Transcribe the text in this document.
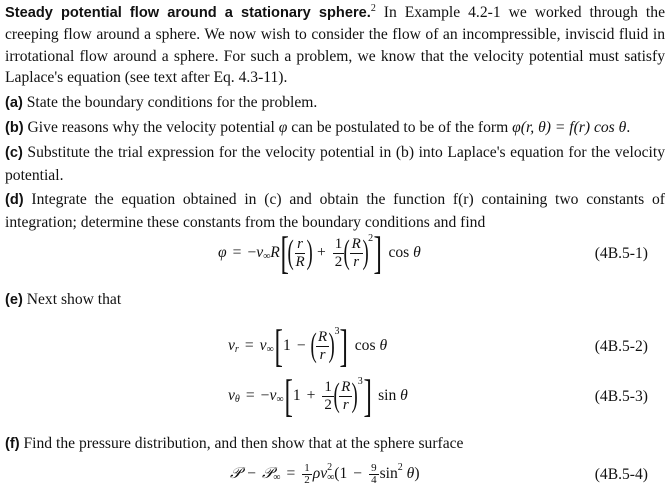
Steady potential flow around a stationary sphere.$^2$ In Example 4.2-1 we worked through the creeping flow around a sphere. We now wish to consider the flow of an incompressible, inviscid fluid in irrotational flow around a sphere. For such a problem, we know that the velocity potential must satisfy Laplace's equation (see text after Eq. 4.3-11).
(a) State the boundary conditions for the problem.
(b) Give reasons why the velocity potential φ can be postulated to be of the form φ(r, θ) = f(r) cos θ.
(c) Substitute the trial expression for the velocity potential in (b) into Laplace's equation for the velocity potential.
(d) Integrate the equation obtained in (c) and obtain the function f(r) containing two constants of integration; determine these constants from the boundary conditions and find
φ = − v ∞ R [
( $\frac{r}{R}$ ) + $\frac{1}{2}$ ( $\frac{R}{r}$ ) 2 ] cos θ	(4B.5-1)
(e) Next show that
v r = v ∞ [ 1 − ( $\frac{R}{r}$ ) 3 ] cos θ	(4B.5-2)
v θ = − v ∞ [ $1 + \frac{1}{2}$ ( $\frac{R}{r}$ ) 3 ] sin θ	(4B.5-3)
(f) Find the pressure distribution, and then show that at the sphere surface
𝒫 − 𝒫 ∞ = $\frac{1}{2}$ ρv 2
∞ ($1 - \frac{9}{4}$ sin 2 θ )	(4B.5-4)
